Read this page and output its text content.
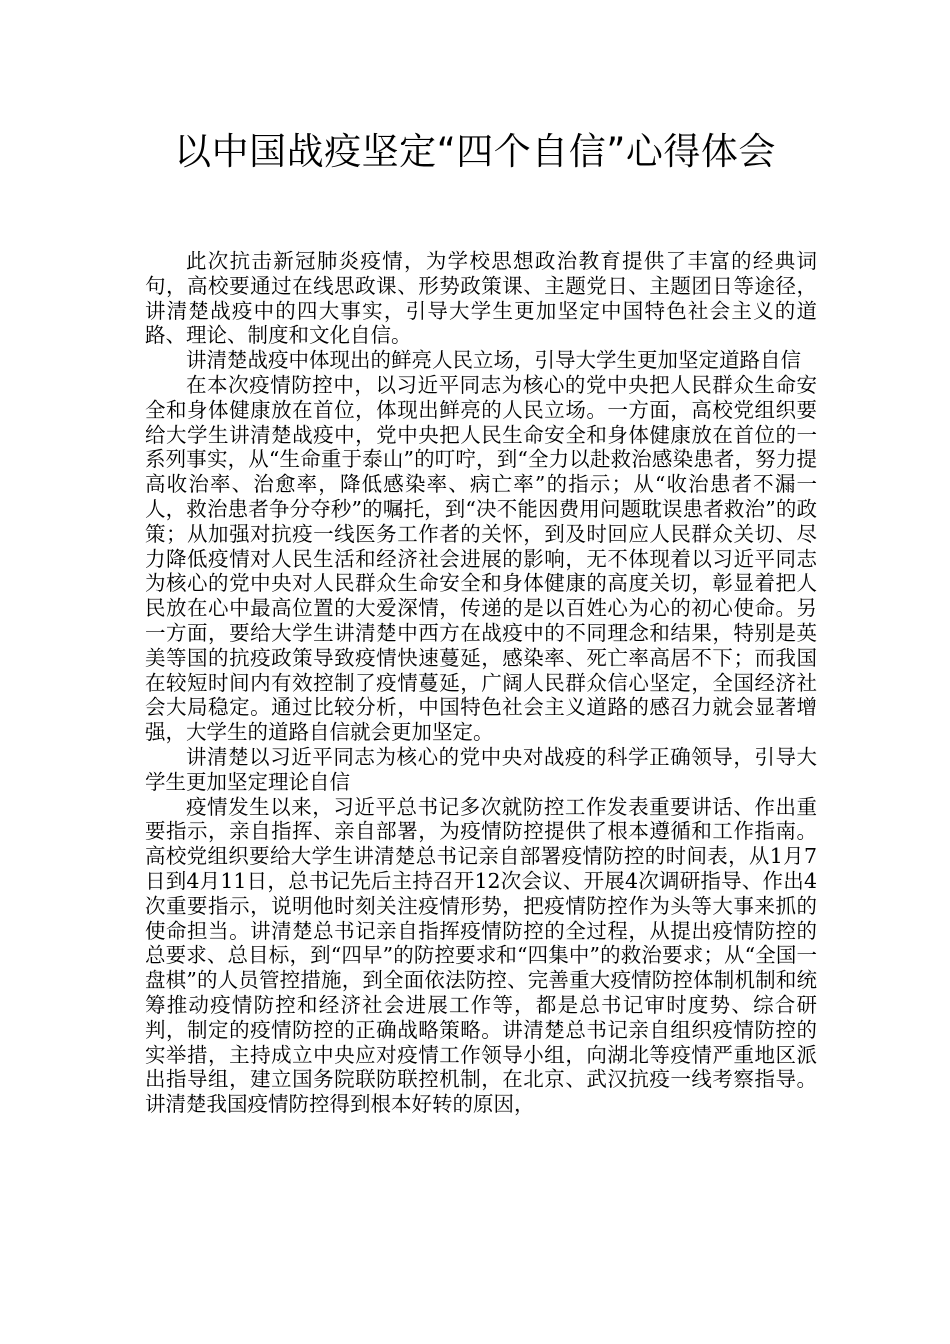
以中国战疫坚定“四个自信”心得体会

此次抗击新冠肺炎疫情，为学校思想政治教育提供了丰富的经典词句，高校要通过在线思政课、形势政策课、主题党日、主题团日等途径，讲清楚战疫中的四大事实，引导大学生更加坚定中国特色社会主义的道路、理论、制度和文化自信。

讲清楚战疫中体现出的鲜亮人民立场，引导大学生更加坚定道路自信

在本次疫情防控中，以习近平同志为核心的党中央把人民群众生命安全和身体健康放在首位，体现出鲜亮的人民立场。一方面，高校党组织要给大学生讲清楚战疫中，党中央把人民生命安全和身体健康放在首位的一系列事实，从“生命重于泰山”的叮咛，到“全力以赴救治感染患者，努力提高收治率、治愈率，降低感染率、病亡率”的指示；从“收治患者不漏一人，救治患者争分夺秒”的嘱托，到“决不能因费用问题耽误患者救治”的政策；从加强对抗疫一线医务工作者的关怀，到及时回应人民群众关切、尽力降低疫情对人民生活和经济社会进展的影响，无不体现着以习近平同志为核心的党中央对人民群众生命安全和身体健康的高度关切，彰显着把人民放在心中最高位置的大爱深情，传递的是以百姓心为心的初心使命。另一方面，要给大学生讲清楚中西方在战疫中的不同理念和结果，特别是英美等国的抗疫政策导致疫情快速蔓延，感染率、死亡率高居不下；而我国在较短时间内有效控制了疫情蔓延，广阔人民群众信心坚定，全国经济社会大局稳定。通过比较分析，中国特色社会主义道路的感召力就会显著增强，大学生的道路自信就会更加坚定。

讲清楚以习近平同志为核心的党中央对战疫的科学正确领导，引导大学生更加坚定理论自信

疫情发生以来，习近平总书记多次就防控工作发表重要讲话、作出重要指示，亲自指挥、亲自部署，为疫情防控提供了根本遵循和工作指南。高校党组织要给大学生讲清楚总书记亲自部署疫情防控的时间表，从1月7日到4月11日，总书记先后主持召开12次会议、开展4次调研指导、作出4次重要指示，说明他时刻关注疫情形势，把疫情防控作为头等大事来抓的使命担当。讲清楚总书记亲自指挥疫情防控的全过程，从提出疫情防控的总要求、总目标，到“四早”的防控要求和“四集中”的救治要求；从“全国一盘棋”的人员管控措施，到全面依法防控、完善重大疫情防控体制机制和统筹推动疫情防控和经济社会进展工作等，都是总书记审时度势、综合研判，制定的疫情防控的正确战略策略。讲清楚总书记亲自组织疫情防控的实举措，主持成立中央应对疫情工作领导小组，向湖北等疫情严重地区派出指导组，建立国务院联防联控机制，在北京、武汉抗疫一线考察指导。讲清楚我国疫情防控得到根本好转的原因，
